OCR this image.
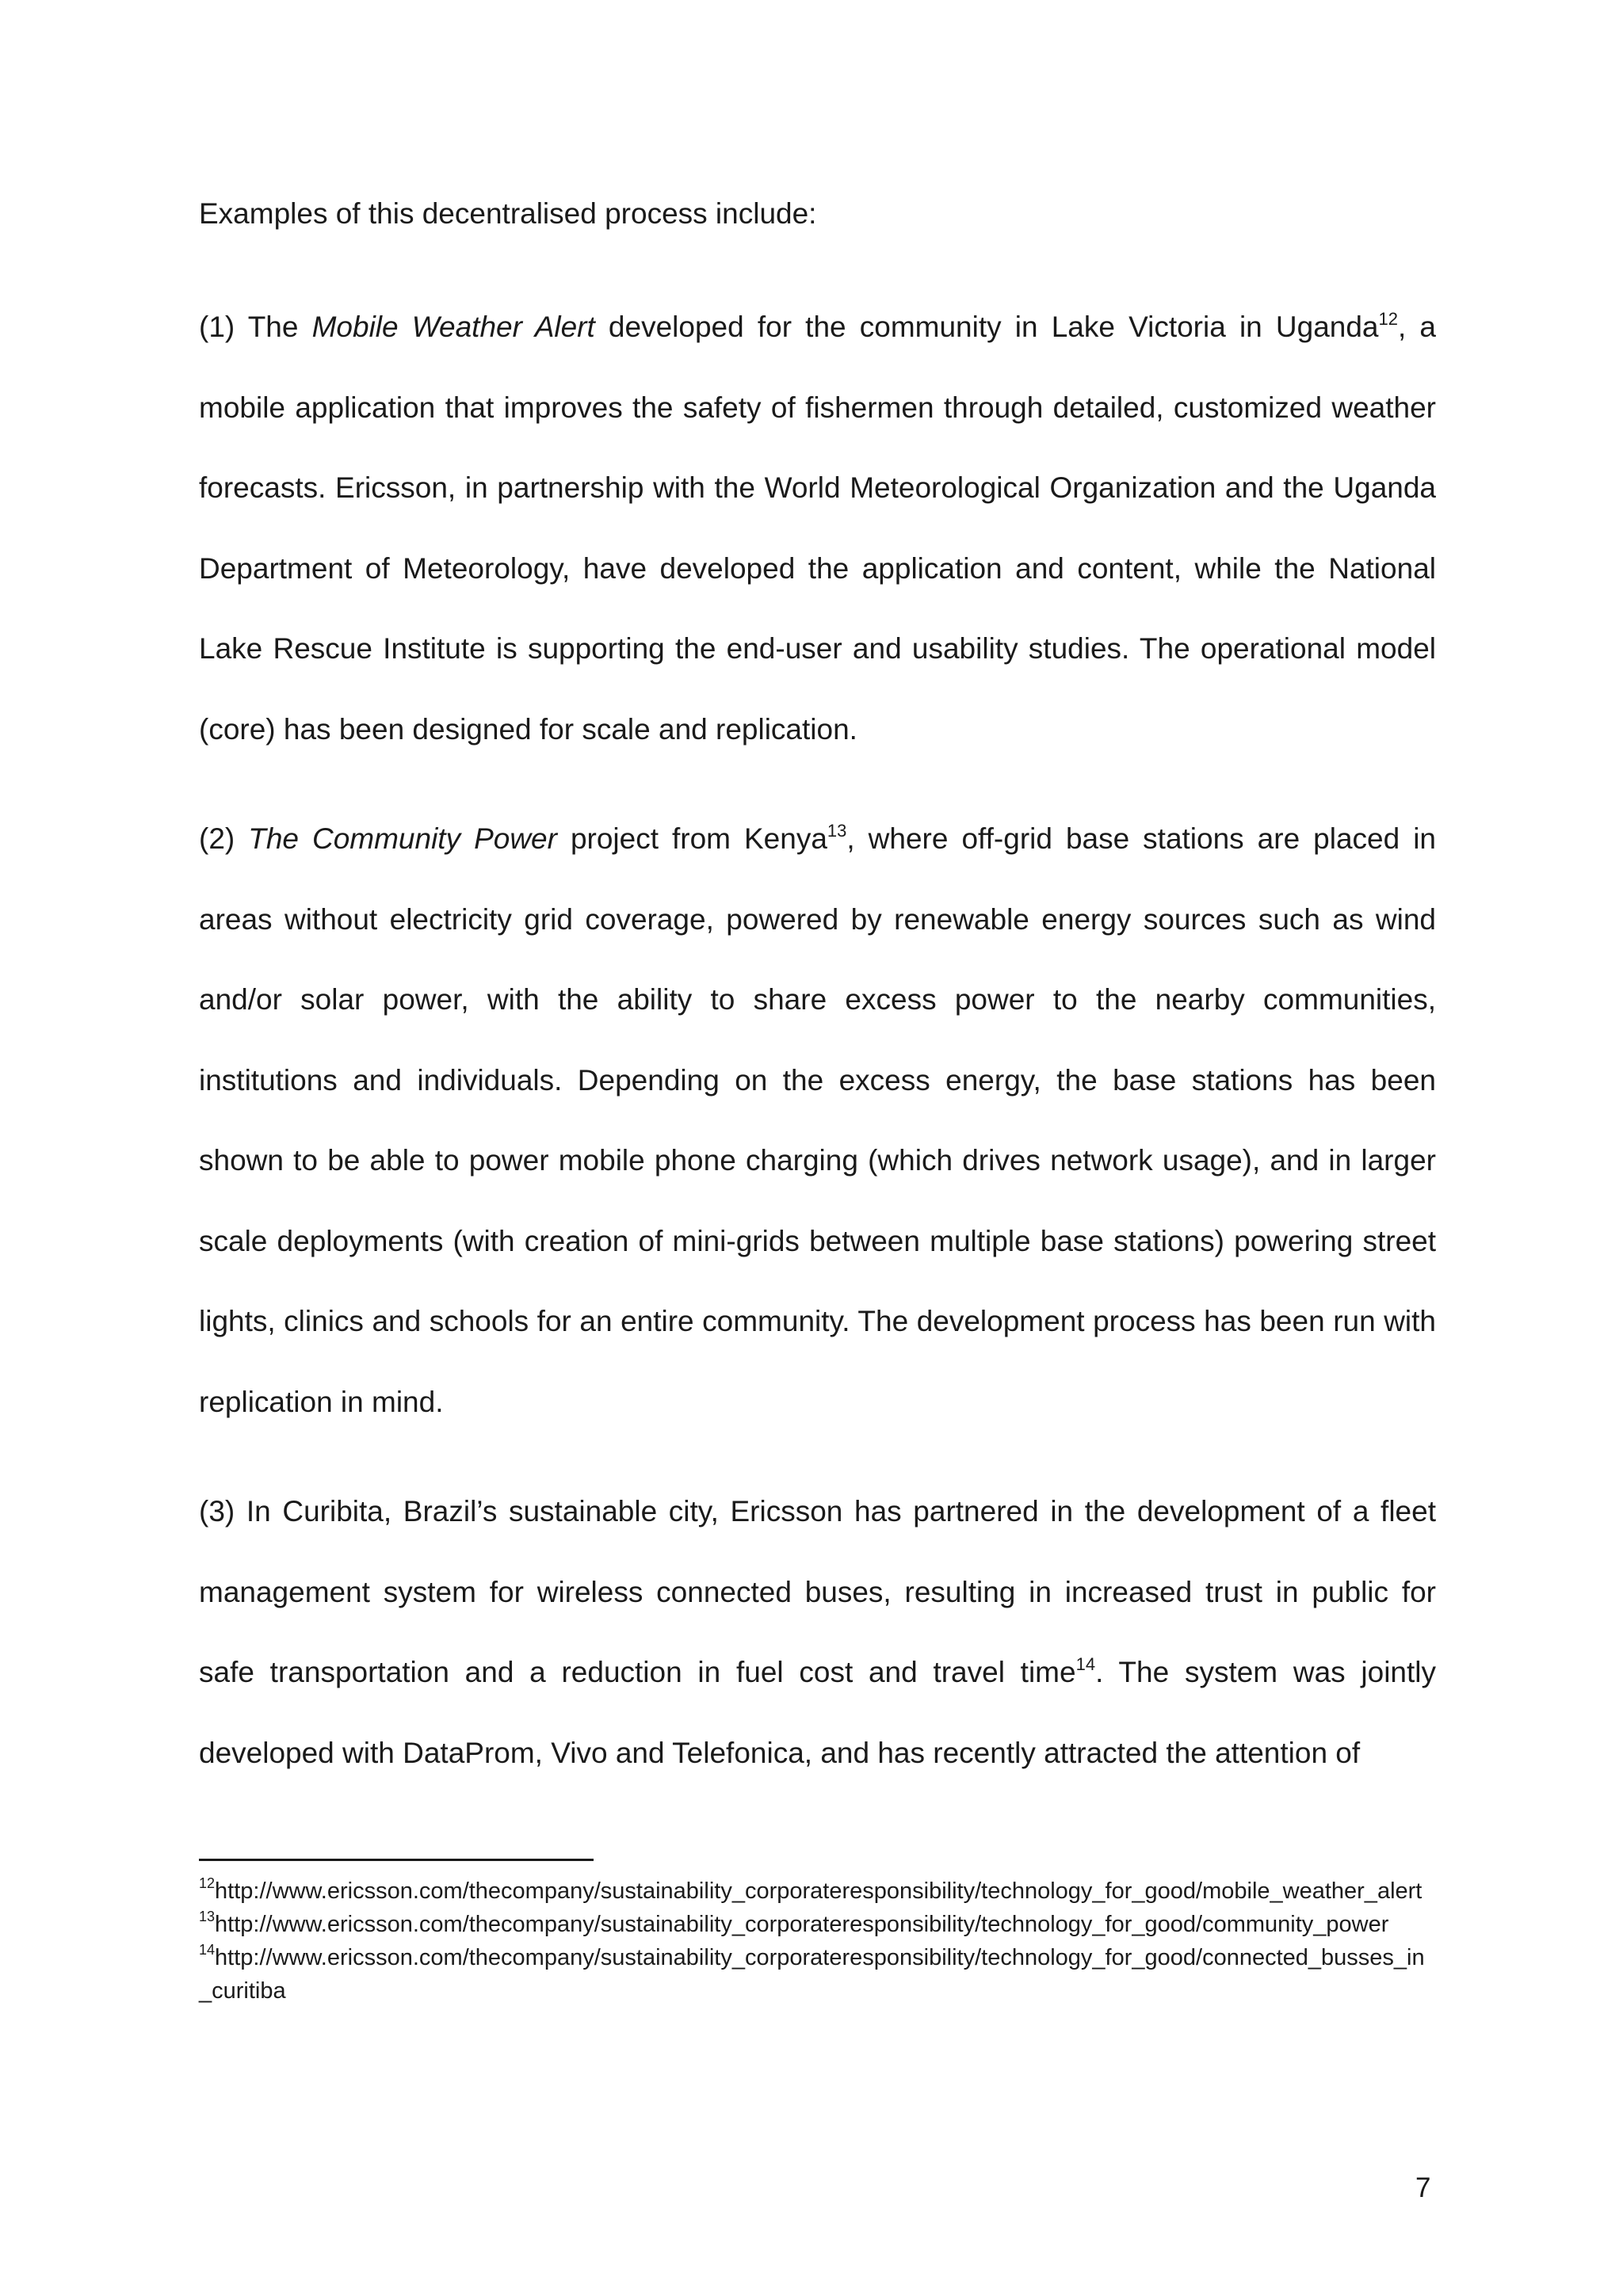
Examples of this decentralised process include:

(1) The Mobile Weather Alert developed for the community in Lake Victoria in Uganda$^{12}$, a mobile application that improves the safety of fishermen through detailed, customized weather forecasts. Ericsson, in partnership with the World Meteorological Organization and the Uganda Department of Meteorology, have developed the application and content, while the National Lake Rescue Institute is supporting the end-user and usability studies. The operational model (core) has been designed for scale and replication.

(2) The Community Power project from Kenya$^{13}$, where off-grid base stations are placed in areas without electricity grid coverage, powered by renewable energy sources such as wind and/or solar power, with the ability to share excess power to the nearby communities, institutions and individuals. Depending on the excess energy, the base stations has been shown to be able to power mobile phone charging (which drives network usage), and in larger scale deployments (with creation of mini-grids between multiple base stations) powering street lights, clinics and schools for an entire community. The development process has been run with replication in mind.

(3) In Curibita, Brazil’s sustainable city, Ericsson has partnered in the development of a fleet management system for wireless connected buses, resulting in increased trust in public for safe transportation and a reduction in fuel cost and travel time$^{14}$. The system was jointly developed with DataProm, Vivo and Telefonica, and has recently attracted the attention of

$^{12}$http://www.ericsson.com/thecompany/sustainability_corporateresponsibility/technology_for_good/mobile_weather_alert
$^{13}$http://www.ericsson.com/thecompany/sustainability_corporateresponsibility/technology_for_good/community_power
$^{14}$http://www.ericsson.com/thecompany/sustainability_corporateresponsibility/technology_for_good/connected_busses_in_curitiba
7
